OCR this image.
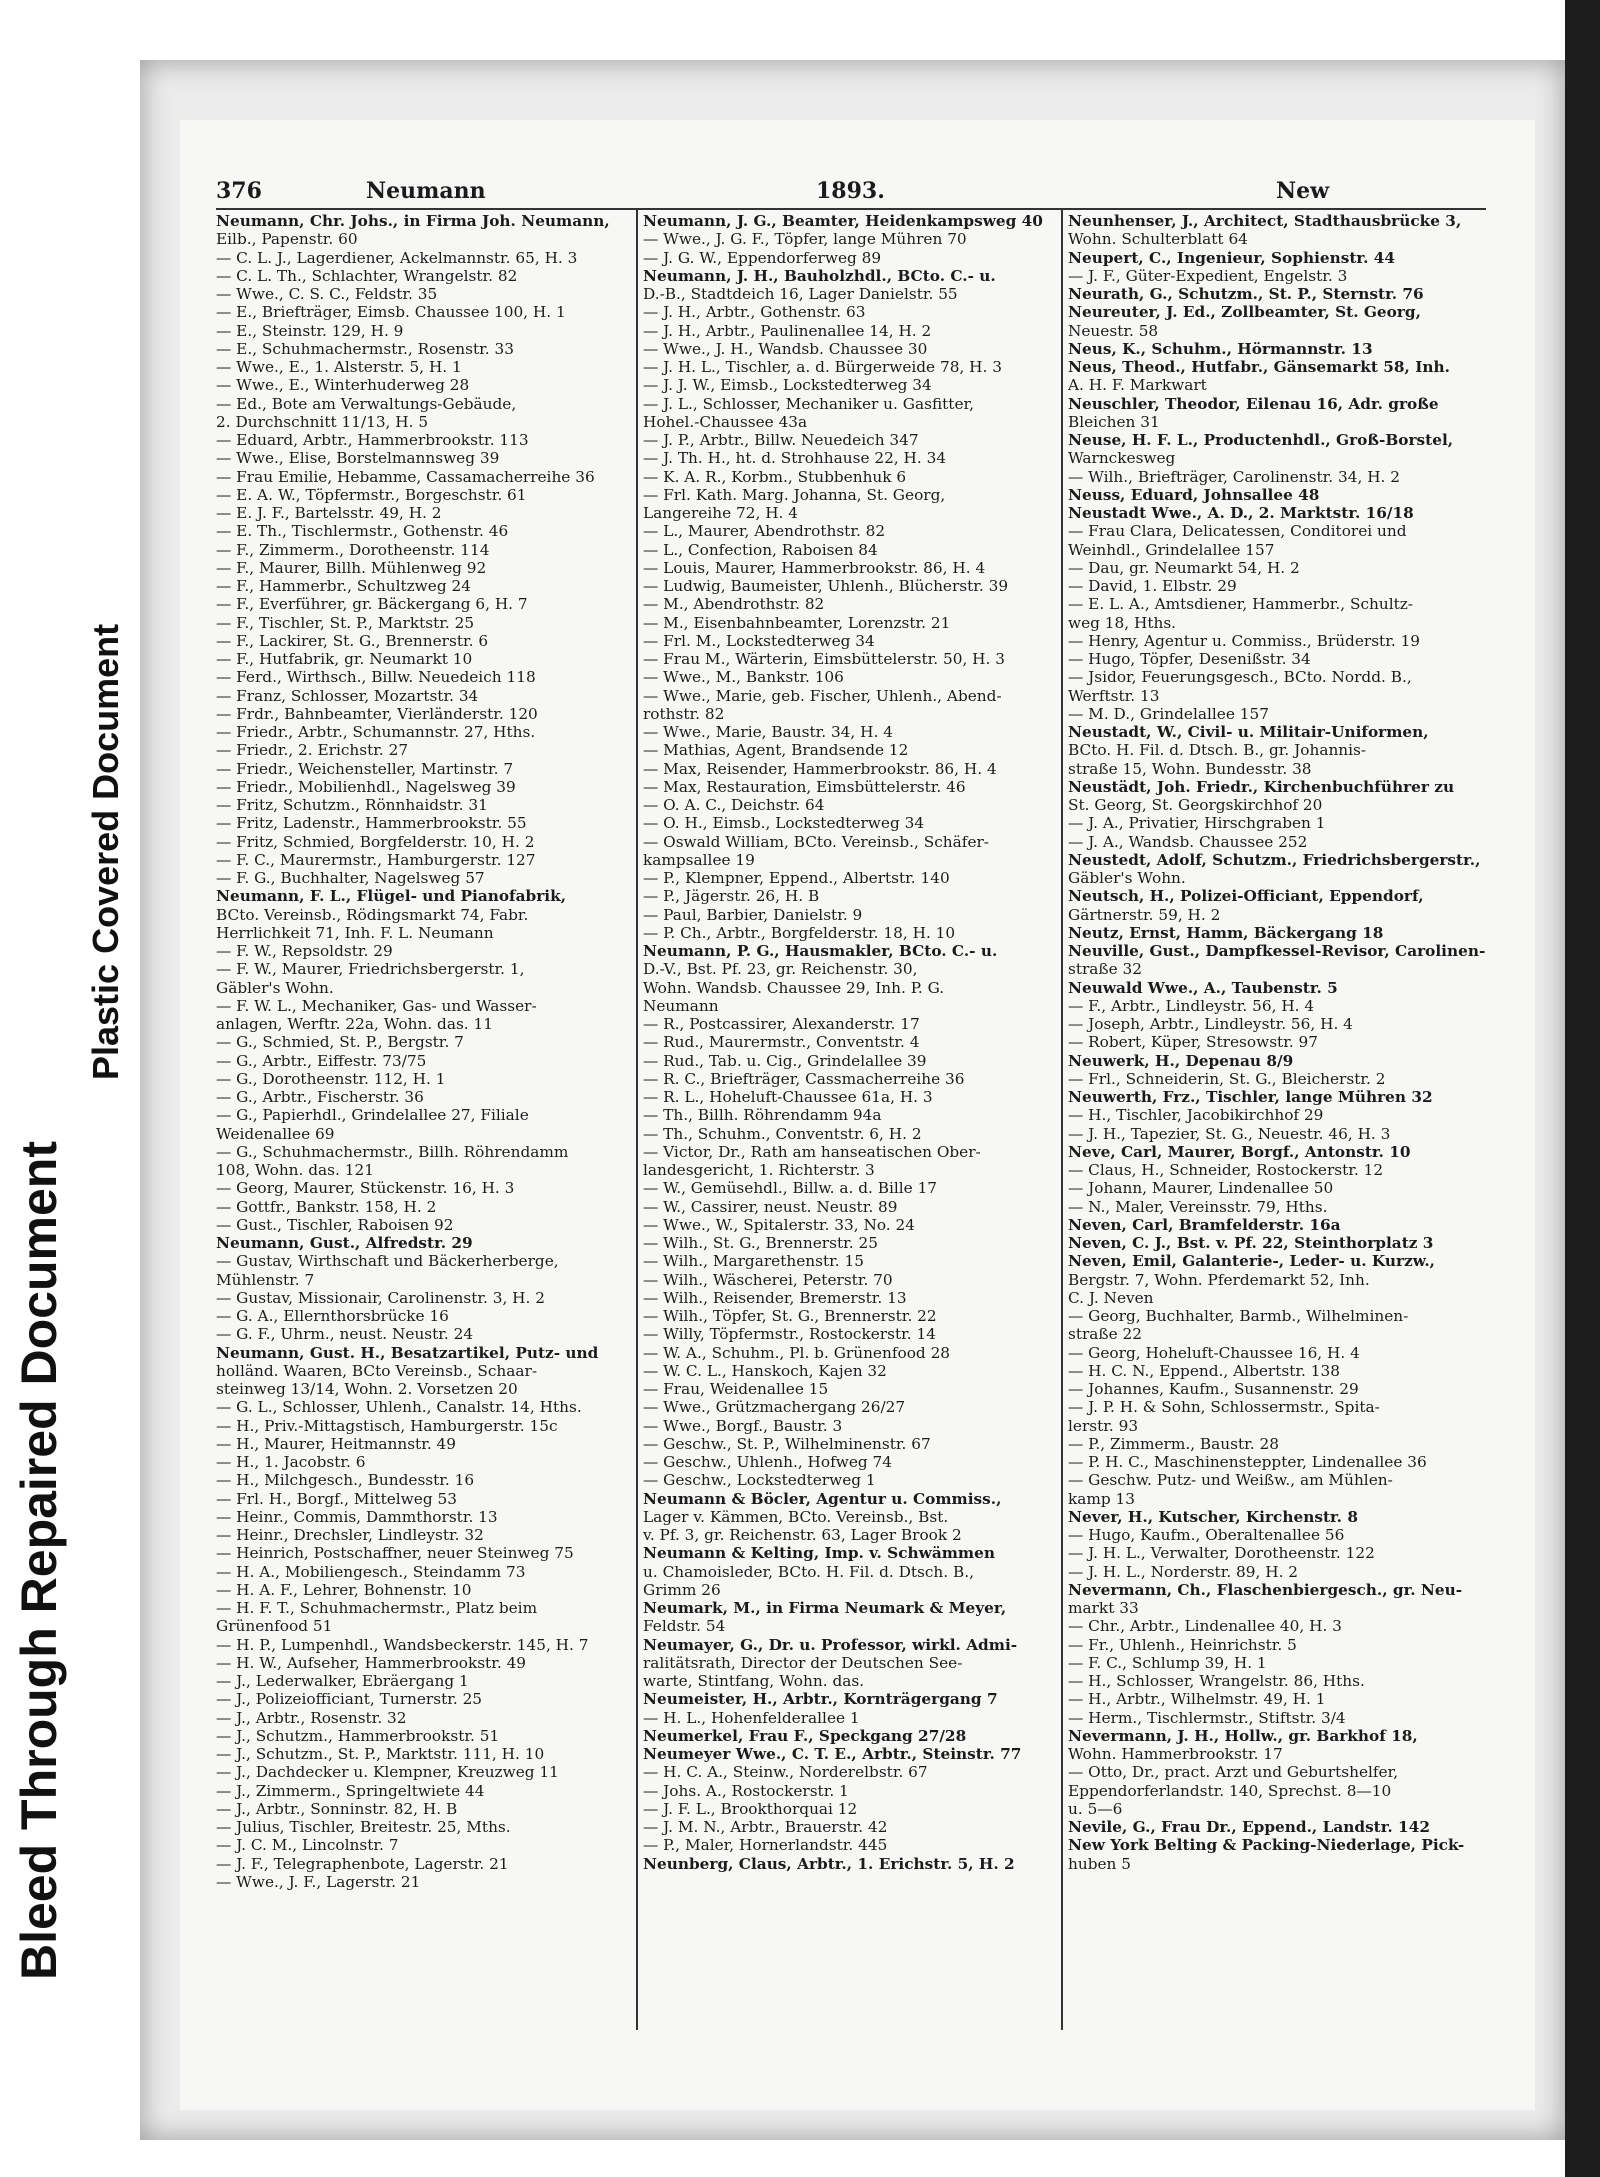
Bleed Through Repaired Document
Plastic Covered Document
376	Neumann	1893.	New
Neumann, Chr. Johs., in Firma Joh. Neumann,
Eilb., Papenstr. 60
— C. L. J., Lagerdiener, Ackelmannstr. 65, H. 3
— C. L. Th., Schlachter, Wrangelstr. 82
— Wwe., C. S. C., Feldstr. 35
— E., Briefträger, Eimsb. Chaussee 100, H. 1
— E., Steinstr. 129, H. 9
— E., Schuhmachermstr., Rosenstr. 33
— Wwe., E., 1. Alsterstr. 5, H. 1
— Wwe., E., Winterhuderweg 28
— Ed., Bote am Verwaltungs-Gebäude,
2. Durchschnitt 11/13, H. 5
— Eduard, Arbtr., Hammerbrookstr. 113
— Wwe., Elise, Borstelmannsweg 39
— Frau Emilie, Hebamme, Cassamacherreihe 36
— E. A. W., Töpfermstr., Borgeschstr. 61
— E. J. F., Bartelsstr. 49, H. 2
— E. Th., Tischlermstr., Gothenstr. 46
— F., Zimmerm., Dorotheenstr. 114
— F., Maurer, Billh. Mühlenweg 92
— F., Hammerbr., Schultzweg 24
— F., Everführer, gr. Bäckergang 6, H. 7
— F., Tischler, St. P., Marktstr. 25
— F., Lackirer, St. G., Brennerstr. 6
— F., Hutfabrik, gr. Neumarkt 10
— Ferd., Wirthsch., Billw. Neuedeich 118
— Franz, Schlosser, Mozartstr. 34
— Frdr., Bahnbeamter, Vierländerstr. 120
— Friedr., Arbtr., Schumannstr. 27, Hths.
— Friedr., 2. Erichstr. 27
— Friedr., Weichensteller, Martinstr. 7
— Friedr., Mobilienhdl., Nagelsweg 39
— Fritz, Schutzm., Rönnhaidstr. 31
— Fritz, Ladenstr., Hammerbrookstr. 55
— Fritz, Schmied, Borgfelderstr. 10, H. 2
— F. C., Maurermstr., Hamburgerstr. 127
— F. G., Buchhalter, Nagelsweg 57
Neumann, F. L., Flügel- und Pianofabrik,
BCto. Vereinsb., Rödingsmarkt 74, Fabr.
Herrlichkeit 71, Inh. F. L. Neumann
— F. W., Repsoldstr. 29
— F. W., Maurer, Friedrichsbergerstr. 1,
Gäbler's Wohn.
— F. W. L., Mechaniker, Gas- und Wasser-
anlagen, Werftr. 22a, Wohn. das. 11
— G., Schmied, St. P., Bergstr. 7
— G., Arbtr., Eiffestr. 73/75
— G., Dorotheenstr. 112, H. 1
— G., Arbtr., Fischerstr. 36
— G., Papierhdl., Grindelallee 27, Filiale
Weidenallee 69
— G., Schuhmachermstr., Billh. Röhrendamm
108, Wohn. das. 121
— Georg, Maurer, Stückenstr. 16, H. 3
— Gottfr., Bankstr. 158, H. 2
— Gust., Tischler, Raboisen 92
Neumann, Gust., Alfredstr. 29
— Gustav, Wirthschaft und Bäckerherberge,
Mühlenstr. 7
— Gustav, Missionair, Carolinenstr. 3, H. 2
— G. A., Ellernthorsbrücke 16
— G. F., Uhrm., neust. Neustr. 24
Neumann, Gust. H., Besatzartikel, Putz- und
holländ. Waaren, BCto Vereinsb., Schaar-
steinweg 13/14, Wohn. 2. Vorsetzen 20
— G. L., Schlosser, Uhlenh., Canalstr. 14, Hths.
— H., Priv.-Mittagstisch, Hamburgerstr. 15c
— H., Maurer, Heitmannstr. 49
— H., 1. Jacobstr. 6
— H., Milchgesch., Bundesstr. 16
— Frl. H., Borgf., Mittelweg 53
— Heinr., Commis, Dammthorstr. 13
— Heinr., Drechsler, Lindleystr. 32
— Heinrich, Postschaffner, neuer Steinweg 75
— H. A., Mobiliengesch., Steindamm 73
— H. A. F., Lehrer, Bohnenstr. 10
— H. F. T., Schuhmachermstr., Platz beim
Grünenfood 51
— H. P., Lumpenhdl., Wandsbeckerstr. 145, H. 7
— H. W., Aufseher, Hammerbrookstr. 49
— J., Lederwalker, Ebräergang 1
— J., Polizeiofficiant, Turnerstr. 25
— J., Arbtr., Rosenstr. 32
— J., Schutzm., Hammerbrookstr. 51
— J., Schutzm., St. P., Marktstr. 111, H. 10
— J., Dachdecker u. Klempner, Kreuzweg 11
— J., Zimmerm., Springeltwiete 44
— J., Arbtr., Sonninstr. 82, H. B
— Julius, Tischler, Breitestr. 25, Mths.
— J. C. M., Lincolnstr. 7
— J. F., Telegraphenbote, Lagerstr. 21
— Wwe., J. F., Lagerstr. 21
Neumann, J. G., Beamter, Heidenkampsweg 40
— Wwe., J. G. F., Töpfer, lange Mühren 70
— J. G. W., Eppendorferweg 89
Neumann, J. H., Bauholzhdl., BCto. C.- u.
D.-B., Stadtdeich 16, Lager Danielstr. 55
— J. H., Arbtr., Gothenstr. 63
— J. H., Arbtr., Paulinenallee 14, H. 2
— Wwe., J. H., Wandsb. Chaussee 30
— J. H. L., Tischler, a. d. Bürgerweide 78, H. 3
— J. J. W., Eimsb., Lockstedterweg 34
— J. L., Schlosser, Mechaniker u. Gasfitter,
Hohel.-Chaussee 43a
— J. P., Arbtr., Billw. Neuedeich 347
— J. Th. H., ht. d. Strohhause 22, H. 34
— K. A. R., Korbm., Stubbenhuk 6
— Frl. Kath. Marg. Johanna, St. Georg,
Langereihe 72, H. 4
— L., Maurer, Abendrothstr. 82
— L., Confection, Raboisen 84
— Louis, Maurer, Hammerbrookstr. 86, H. 4
— Ludwig, Baumeister, Uhlenh., Blücherstr. 39
— M., Abendrothstr. 82
— M., Eisenbahnbeamter, Lorenzstr. 21
— Frl. M., Lockstedterweg 34
— Frau M., Wärterin, Eimsbüttelerstr. 50, H. 3
— Wwe., M., Bankstr. 106
— Wwe., Marie, geb. Fischer, Uhlenh., Abend-
rothstr. 82
— Wwe., Marie, Baustr. 34, H. 4
— Mathias, Agent, Brandsende 12
— Max, Reisender, Hammerbrookstr. 86, H. 4
— Max, Restauration, Eimsbüttelerstr. 46
— O. A. C., Deichstr. 64
— O. H., Eimsb., Lockstedterweg 34
— Oswald William, BCto. Vereinsb., Schäfer-
kampsallee 19
— P., Klempner, Eppend., Albertstr. 140
— P., Jägerstr. 26, H. B
— Paul, Barbier, Danielstr. 9
— P. Ch., Arbtr., Borgfelderstr. 18, H. 10
Neumann, P. G., Hausmakler, BCto. C.- u.
D.-V., Bst. Pf. 23, gr. Reichenstr. 30,
Wohn. Wandsb. Chaussee 29, Inh. P. G.
Neumann
— R., Postcassirer, Alexanderstr. 17
— Rud., Maurermstr., Conventstr. 4
— Rud., Tab. u. Cig., Grindelallee 39
— R. C., Briefträger, Cassmacherreihe 36
— R. L., Hoheluft-Chaussee 61a, H. 3
— Th., Billh. Röhrendamm 94a
— Th., Schuhm., Conventstr. 6, H. 2
— Victor, Dr., Rath am hanseatischen Ober-
landesgericht, 1. Richterstr. 3
— W., Gemüsehdl., Billw. a. d. Bille 17
— W., Cassirer, neust. Neustr. 89
— Wwe., W., Spitalerstr. 33, No. 24
— Wilh., St. G., Brennerstr. 25
— Wilh., Margarethenstr. 15
— Wilh., Wäscherei, Peterstr. 70
— Wilh., Reisender, Bremerstr. 13
— Wilh., Töpfer, St. G., Brennerstr. 22
— Willy, Töpfermstr., Rostockerstr. 14
— W. A., Schuhm., Pl. b. Grünenfood 28
— W. C. L., Hanskoch, Kajen 32
— Frau, Weidenallee 15
— Wwe., Grützmachergang 26/27
— Wwe., Borgf., Baustr. 3
— Geschw., St. P., Wilhelminenstr. 67
— Geschw., Uhlenh., Hofweg 74
— Geschw., Lockstedterweg 1
Neumann & Böcler, Agentur u. Commiss.,
Lager v. Kämmen, BCto. Vereinsb., Bst.
v. Pf. 3, gr. Reichenstr. 63, Lager Brook 2
Neumann & Kelting, Imp. v. Schwämmen
u. Chamoisleder, BCto. H. Fil. d. Dtsch. B.,
Grimm 26
Neumark, M., in Firma Neumark & Meyer,
Feldstr. 54
Neumayer, G., Dr. u. Professor, wirkl. Admi-
ralitätsrath, Director der Deutschen See-
warte, Stintfang, Wohn. das.
Neumeister, H., Arbtr., Kornträgergang 7
— H. L., Hohenfelderallee 1
Neumerkel, Frau F., Speckgang 27/28
Neumeyer Wwe., C. T. E., Arbtr., Steinstr. 77
— H. C. A., Steinw., Norderelbstr. 67
— Johs. A., Rostockerstr. 1
— J. F. L., Brookthorquai 12
— J. M. N., Arbtr., Brauerstr. 42
— P., Maler, Hornerlandstr. 445
Neunberg, Claus, Arbtr., 1. Erichstr. 5, H. 2
Neunhenser, J., Architect, Stadthausbrücke 3,
Wohn. Schulterblatt 64
Neupert, C., Ingenieur, Sophienstr. 44
— J. F., Güter-Expedient, Engelstr. 3
Neurath, G., Schutzm., St. P., Sternstr. 76
Neureuter, J. Ed., Zollbeamter, St. Georg,
Neuestr. 58
Neus, K., Schuhm., Hörmannstr. 13
Neus, Theod., Hutfabr., Gänsemarkt 58, Inh.
A. H. F. Markwart
Neuschler, Theodor, Eilenau 16, Adr. große
Bleichen 31
Neuse, H. F. L., Productenhdl., Groß-Borstel,
Warnckesweg
— Wilh., Briefträger, Carolinenstr. 34, H. 2
Neuss, Eduard, Johnsallee 48
Neustadt Wwe., A. D., 2. Marktstr. 16/18
— Frau Clara, Delicatessen, Conditorei und
Weinhdl., Grindelallee 157
— Dau, gr. Neumarkt 54, H. 2
— David, 1. Elbstr. 29
— E. L. A., Amtsdiener, Hammerbr., Schultz-
weg 18, Hths.
— Henry, Agentur u. Commiss., Brüderstr. 19
— Hugo, Töpfer, Desenißstr. 34
— Jsidor, Feuerungsgesch., BCto. Nordd. B.,
Werftstr. 13
— M. D., Grindelallee 157
Neustadt, W., Civil- u. Militair-Uniformen,
BCto. H. Fil. d. Dtsch. B., gr. Johannis-
straße 15, Wohn. Bundesstr. 38
Neustädt, Joh. Friedr., Kirchenbuchführer zu
St. Georg, St. Georgskirchhof 20
— J. A., Privatier, Hirschgraben 1
— J. A., Wandsb. Chaussee 252
Neustedt, Adolf, Schutzm., Friedrichsbergerstr.,
Gäbler's Wohn.
Neutsch, H., Polizei-Officiant, Eppendorf,
Gärtnerstr. 59, H. 2
Neutz, Ernst, Hamm, Bäckergang 18
Neuville, Gust., Dampfkessel-Revisor, Carolinen-
straße 32
Neuwald Wwe., A., Taubenstr. 5
— F., Arbtr., Lindleystr. 56, H. 4
— Joseph, Arbtr., Lindleystr. 56, H. 4
— Robert, Küper, Stresowstr. 97
Neuwerk, H., Depenau 8/9
— Frl., Schneiderin, St. G., Bleicherstr. 2
Neuwerth, Frz., Tischler, lange Mühren 32
— H., Tischler, Jacobikirchhof 29
— J. H., Tapezier, St. G., Neuestr. 46, H. 3
Neve, Carl, Maurer, Borgf., Antonstr. 10
— Claus, H., Schneider, Rostockerstr. 12
— Johann, Maurer, Lindenallee 50
— N., Maler, Vereinsstr. 79, Hths.
Neven, Carl, Bramfelderstr. 16a
Neven, C. J., Bst. v. Pf. 22, Steinthorplatz 3
Neven, Emil, Galanterie-, Leder- u. Kurzw.,
Bergstr. 7, Wohn. Pferdemarkt 52, Inh.
C. J. Neven
— Georg, Buchhalter, Barmb., Wilhelminen-
straße 22
— Georg, Hoheluft-Chaussee 16, H. 4
— H. C. N., Eppend., Albertstr. 138
— Johannes, Kaufm., Susannenstr. 29
— J. P. H. & Sohn, Schlossermstr., Spita-
lerstr. 93
— P., Zimmerm., Baustr. 28
— P. H. C., Maschinensteppter, Lindenallee 36
— Geschw. Putz- und Weißw., am Mühlen-
kamp 13
Never, H., Kutscher, Kirchenstr. 8
— Hugo, Kaufm., Oberaltenallee 56
— J. H. L., Verwalter, Dorotheenstr. 122
— J. H. L., Norderstr. 89, H. 2
Nevermann, Ch., Flaschenbiergesch., gr. Neu-
markt 33
— Chr., Arbtr., Lindenallee 40, H. 3
— Fr., Uhlenh., Heinrichstr. 5
— F. C., Schlump 39, H. 1
— H., Schlosser, Wrangelstr. 86, Hths.
— H., Arbtr., Wilhelmstr. 49, H. 1
— Herm., Tischlermstr., Stiftstr. 3/4
Nevermann, J. H., Hollw., gr. Barkhof 18,
Wohn. Hammerbrookstr. 17
— Otto, Dr., pract. Arzt und Geburtshelfer,
Eppendorferlandstr. 140, Sprechst. 8—10
u. 5—6
Nevile, G., Frau Dr., Eppend., Landstr. 142
New York Belting & Packing-Niederlage, Pick-
huben 5
